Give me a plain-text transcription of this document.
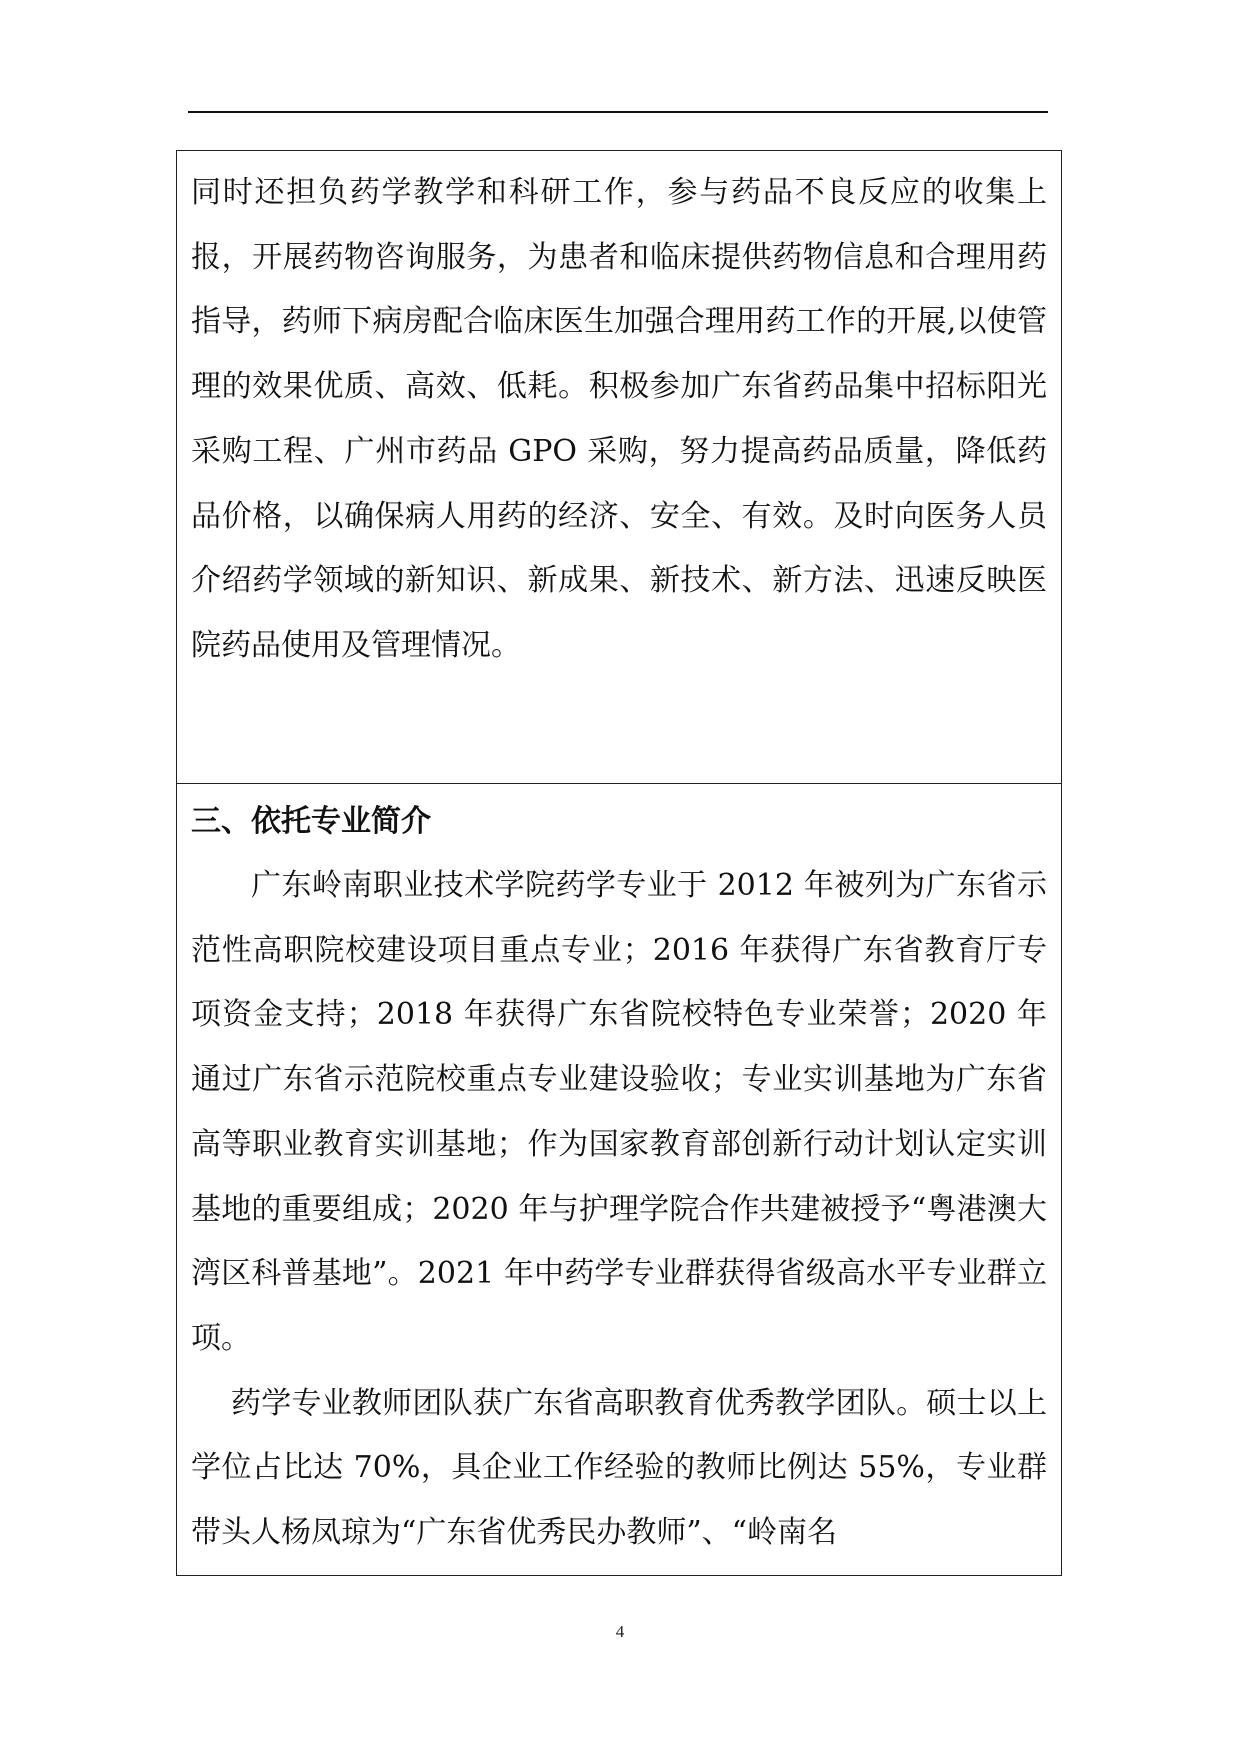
同时还担负药学教学和科研工作，参与药品不良反应的收集上报，开展药物咨询服务，为患者和临床提供药物信息和合理用药指导，药师下病房配合临床医生加强合理用药工作的开展,以使管理的效果优质、高效、低耗。积极参加广东省药品集中招标阳光采购工程、广州市药品 GPO 采购，努力提高药品质量，降低药品价格，以确保病人用药的经济、安全、有效。及时向医务人员介绍药学领域的新知识、新成果、新技术、新方法、迅速反映医院药品使用及管理情况。

三、依托专业简介

广东岭南职业技术学院药学专业于 2012 年被列为广东省示范性高职院校建设项目重点专业；2016 年获得广东省教育厅专项资金支持；2018 年获得广东省院校特色专业荣誉；2020 年通过广东省示范院校重点专业建设验收；专业实训基地为广东省高等职业教育实训基地；作为国家教育部创新行动计划认定实训基地的重要组成；2020 年与护理学院合作共建被授予“粤港澳大湾区科普基地”。2021 年中药学专业群获得省级高水平专业群立项。

药学专业教师团队获广东省高职教育优秀教学团队。硕士以上学位占比达 70%，具企业工作经验的教师比例达 55%，专业群带头人杨凤琼为“广东省优秀民办教师”、“岭南名

4
